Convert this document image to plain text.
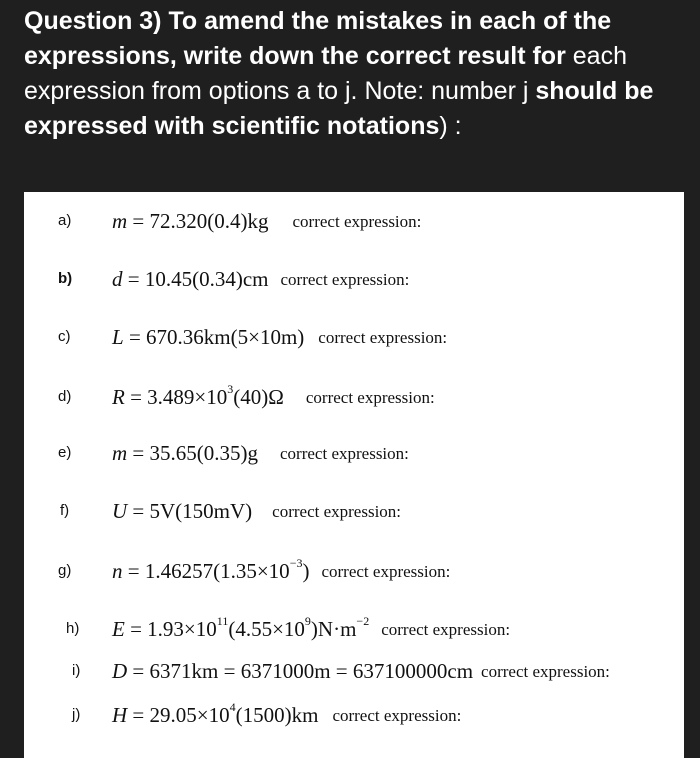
Question 3) To amend the mistakes in each of the expressions, write down the correct result for each expression from options a to j. Note: number j should be expressed with scientific notations) :
a)	m = 72.320(0.4)kg correct expression:
b)	d = 10.45(0.34)cm correct expression:
c)	L = 670.36km(5×10m) correct expression:
d)	$R = 3.489\times 10^3(40)\Omega$ correct expression:
e)	m = 35.65(0.35)g correct expression:
f)	U = 5V(150mV) correct expression:
g)	$n = 1.46257(1.35\times 10^{-3})$ correct expression:
h)	$E = 1.93\times 10^{11}(4.55\times 10^9)N\cdot m^{-2}$ correct expression:
i)	D = 6371km = 6371000m = 637100000cm correct expression:
j)	$H = 29.05\times 10^4(1500)km$ correct expression:
